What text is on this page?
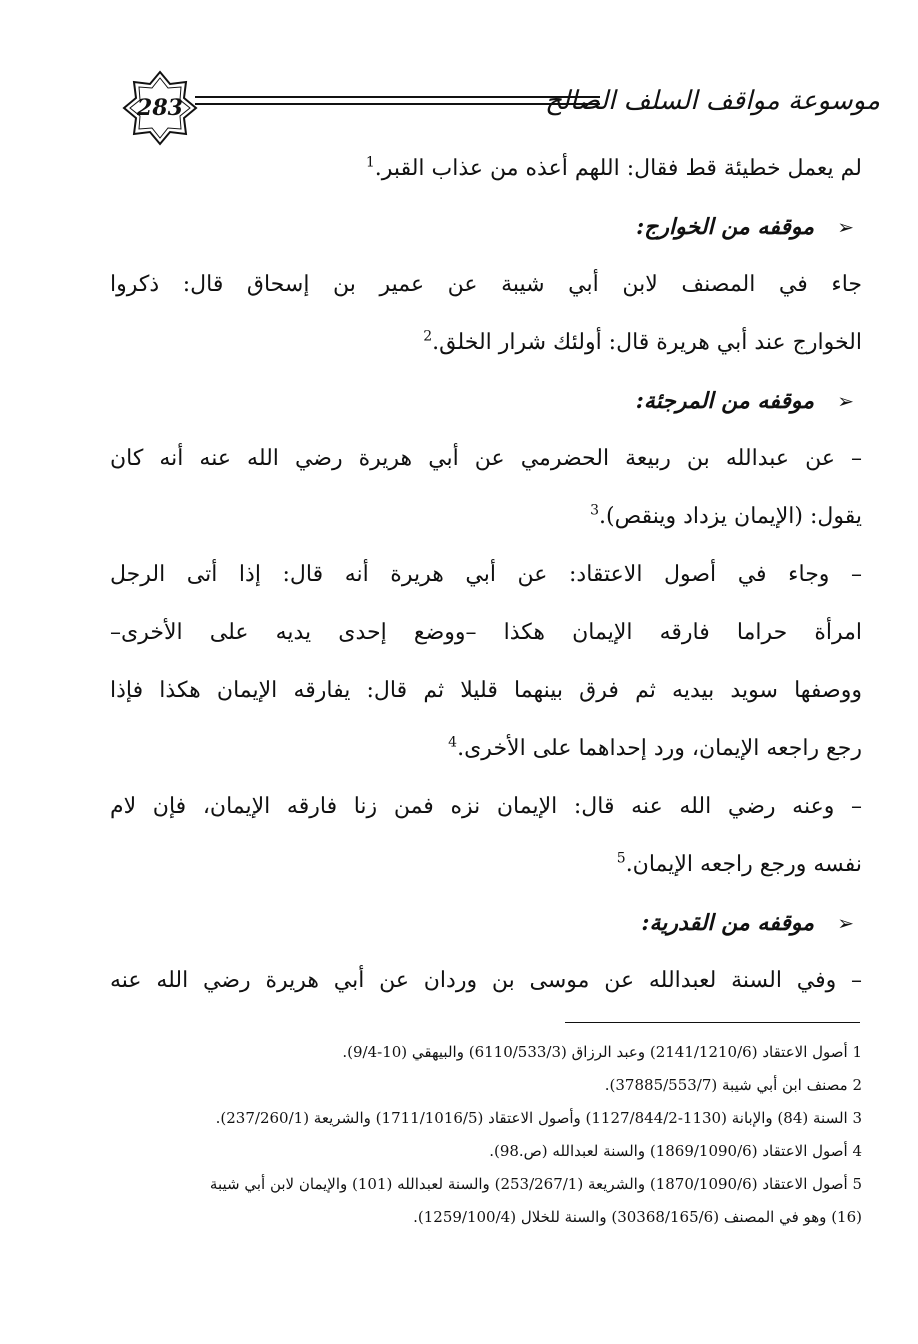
283	موسوعة مواقف السلف الصالح
لم يعمل خطيئة قط فقال: اللهم أعذه من عذاب القبر.$^1$
➢
موقفه من الخوارج:
جاء في المصنف لابن أبي شيبة عن عمير بن إسحاق قال: ذكروا
الخوارج عند أبي هريرة قال: أولئك شرار الخلق.$^2$
➢
موقفه من المرجئة:
– عن عبدالله بن ربيعة الحضرمي عن أبي هريرة رضي الله عنه أنه كان
يقول: (الإيمان يزداد وينقص).$^3$
– وجاء في أصول الاعتقاد: عن أبي هريرة أنه قال: إذا أتى الرجل
امرأة حراما فارقه الإيمان هكذا –ووضع إحدى يديه على الأخرى–
ووصفها سويد بيديه ثم فرق بينهما قليلا ثم قال: يفارقه الإيمان هكذا فإذا
رجع راجعه الإيمان، ورد إحداهما على الأخرى.$^4$
– وعنه رضي الله عنه قال: الإيمان نزه فمن زنا فارقه الإيمان، فإن لام
نفسه ورجع راجعه الإيمان.$^5$
➢
موقفه من القدرية:
– وفي السنة لعبدالله عن موسى بن وردان عن أبي هريرة رضي الله عنه
1 أصول الاعتقاد (2141/1210/6) وعبد الرزاق (6110/533/3) والبيهقي (10-9/4).
2 مصنف ابن أبي شيبة (37885/553/7).
3 السنة (84) والإبانة (1130-1127/844/2) وأصول الاعتقاد (1711/1016/5) والشريعة (237/260/1).
4 أصول الاعتقاد (1869/1090/6) والسنة لعبدالله (ص.98).
5 أصول الاعتقاد (1870/1090/6) والشريعة (253/267/1) والسنة لعبدالله (101) والإيمان لابن أبي شيبة
(16) وهو في المصنف (30368/165/6) والسنة للخلال (1259/100/4).
